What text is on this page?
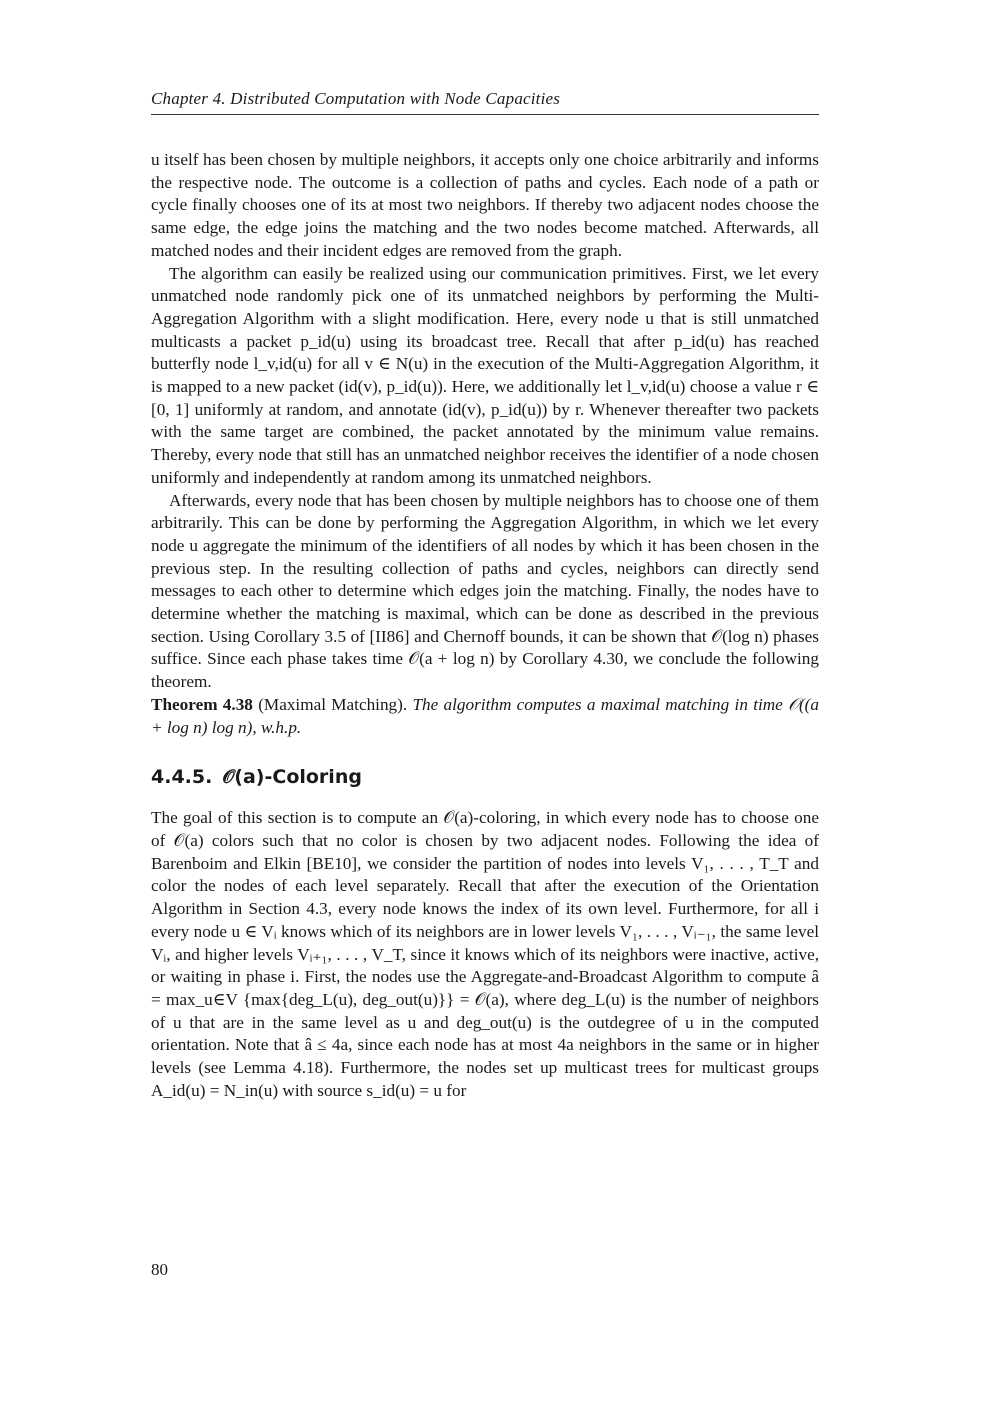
Chapter 4. Distributed Computation with Node Capacities

u itself has been chosen by multiple neighbors, it accepts only one choice arbitrarily and informs the respective node. The outcome is a collection of paths and cycles. Each node of a path or cycle finally chooses one of its at most two neighbors. If thereby two adjacent nodes choose the same edge, the edge joins the matching and the two nodes become matched. Afterwards, all matched nodes and their incident edges are removed from the graph.

The algorithm can easily be realized using our communication primitives. First, we let every unmatched node randomly pick one of its unmatched neighbors by performing the Multi-Aggregation Algorithm with a slight modification. Here, every node u that is still unmatched multicasts a packet p_id(u) using its broadcast tree. Recall that after p_id(u) has reached butterfly node l_v,id(u) for all v ∈ N(u) in the execution of the Multi-Aggregation Algorithm, it is mapped to a new packet (id(v), p_id(u)). Here, we additionally let l_v,id(u) choose a value r ∈ [0, 1] uniformly at random, and annotate (id(v), p_id(u)) by r. Whenever thereafter two packets with the same target are combined, the packet annotated by the minimum value remains. Thereby, every node that still has an unmatched neighbor receives the identifier of a node chosen uniformly and independently at random among its unmatched neighbors.

Afterwards, every node that has been chosen by multiple neighbors has to choose one of them arbitrarily. This can be done by performing the Aggregation Algorithm, in which we let every node u aggregate the minimum of the identifiers of all nodes by which it has been chosen in the previous step. In the resulting collection of paths and cycles, neighbors can directly send messages to each other to determine which edges join the matching. Finally, the nodes have to determine whether the matching is maximal, which can be done as described in the previous section. Using Corollary 3.5 of [II86] and Chernoff bounds, it can be shown that 𝒪(log n) phases suffice. Since each phase takes time 𝒪(a + log n) by Corollary 4.30, we conclude the following theorem.

Theorem 4.38 (Maximal Matching). The algorithm computes a maximal matching in time 𝒪((a + log n) log n), w.h.p.

4.4.5. 𝒪(a)-Coloring

The goal of this section is to compute an 𝒪(a)-coloring, in which every node has to choose one of 𝒪(a) colors such that no color is chosen by two adjacent nodes. Following the idea of Barenboim and Elkin [BE10], we consider the partition of nodes into levels V₁, . . . , T_T and color the nodes of each level separately. Recall that after the execution of the Orientation Algorithm in Section 4.3, every node knows the index of its own level. Furthermore, for all i every node u ∈ Vᵢ knows which of its neighbors are in lower levels V₁, . . . , Vᵢ₋₁, the same level Vᵢ, and higher levels Vᵢ₊₁, . . . , V_T, since it knows which of its neighbors were inactive, active, or waiting in phase i. First, the nodes use the Aggregate-and-Broadcast Algorithm to compute â = max_u∈V {max{deg_L(u), deg_out(u)}} = 𝒪(a), where deg_L(u) is the number of neighbors of u that are in the same level as u and deg_out(u) is the outdegree of u in the computed orientation. Note that â ≤ 4a, since each node has at most 4a neighbors in the same or in higher levels (see Lemma 4.18). Furthermore, the nodes set up multicast trees for multicast groups A_id(u) = N_in(u) with source s_id(u) = u for

80
